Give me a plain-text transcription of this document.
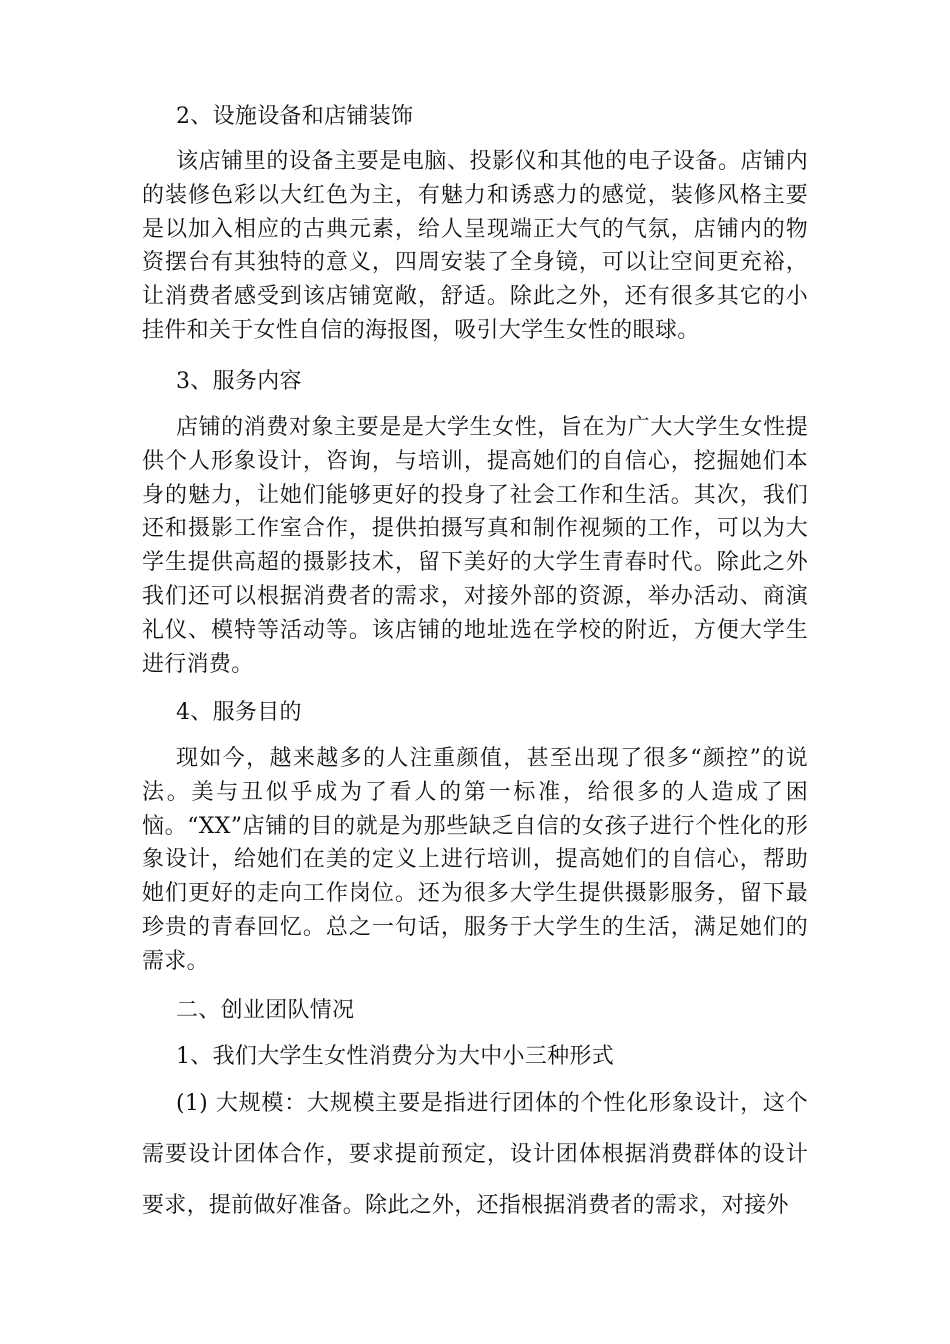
2、设施设备和店铺装饰
该店铺里的设备主要是电脑、投影仪和其他的电子设备。店铺内的装修色彩以大红色为主，有魅力和诱惑力的感觉，装修风格主要是以加入相应的古典元素，给人呈现端正大气的气氛，店铺内的物资摆台有其独特的意义，四周安装了全身镜，可以让空间更充裕，让消费者感受到该店铺宽敞，舒适。除此之外，还有很多其它的小挂件和关于女性自信的海报图，吸引大学生女性的眼球。
3、服务内容
店铺的消费对象主要是是大学生女性，旨在为广大大学生女性提供个人形象设计，咨询，与培训，提高她们的自信心，挖掘她们本身的魅力，让她们能够更好的投身了社会工作和生活。其次，我们还和摄影工作室合作，提供拍摄写真和制作视频的工作，可以为大学生提供高超的摄影技术，留下美好的大学生青春时代。除此之外我们还可以根据消费者的需求，对接外部的资源，举办活动、商演礼仪、模特等活动等。该店铺的地址选在学校的附近，方便大学生进行消费。
4、服务目的
现如今，越来越多的人注重颜值，甚至出现了很多“颜控”的说法。美与丑似乎成为了看人的第一标准，给很多的人造成了困恼。“XX”店铺的目的就是为那些缺乏自信的女孩子进行个性化的形象设计，给她们在美的定义上进行培训，提高她们的自信心，帮助她们更好的走向工作岗位。还为很多大学生提供摄影服务，留下最珍贵的青春回忆。总之一句话，服务于大学生的生活，满足她们的需求。
二、创业团队情况
1、我们大学生女性消费分为大中小三种形式
(1) 大规模：大规模主要是指进行团体的个性化形象设计，这个需要设计团体合作，要求提前预定，设计团体根据消费群体的设计要求，提前做好准备。除此之外，还指根据消费者的需求，对接外
